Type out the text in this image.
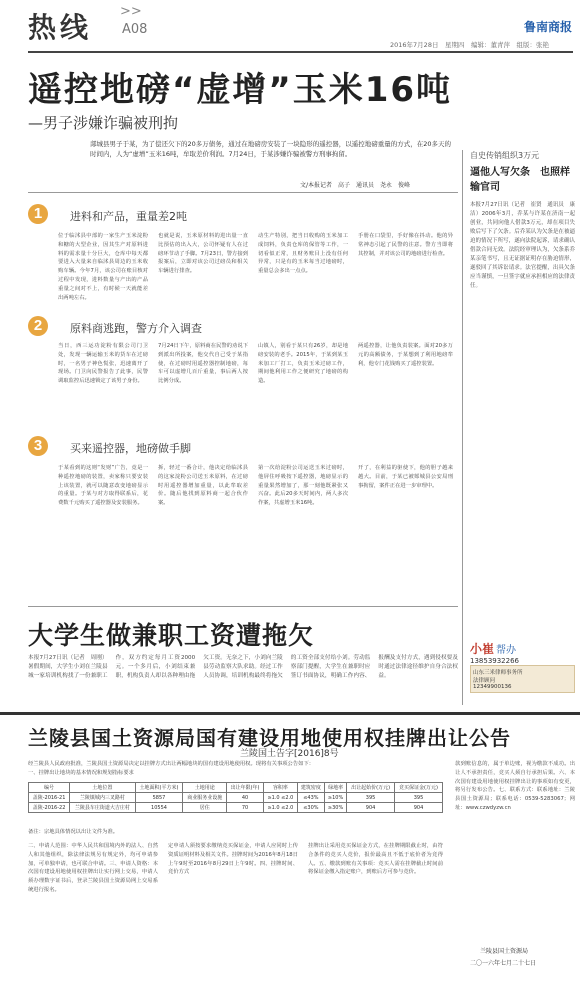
热线 >>
A08	鲁南商报
2016年7月28日　 星期四　 编辑：董青萍　 组版：张艳
遥控地磅“虚增”玉米16吨
—男子涉嫌诈骗被刑拘
郯城县男子于某，为了偿还欠下的20多万债务，通过在地磅房安装了一块隐形的遥控器，以遥控地磅重量的方式，在20多天的时间内，人为“虚增”玉米16吨，牟取差价利润。7月24日，于某涉嫌诈骗被警方刑事拘留。
文/本报记者　高子　通讯员　尧永　俊峰
1	进料和产品，重量差2吨
位于临沭县中部的一家生产玉米淀粉和糖的大型企业，因其生产对原料进料的需求量十分巨大，仓库中每天都要进入大量来自临沭县周边的玉米收购车辆。今年7月，该公司在账目核对过程中发现，进料数量与产出的产品重量之间对不上，有时候一天就能差出两吨左右。
也就是说，玉米原材料的进出量一直比预估的出入大，公司怀疑有人在过磅环节动了手脚。7月23日，警方接到报案后，立即对该公司过磅员和相关车辆进行排查。
动生产特别，把当日收购的玉米加工成饲料，负责仓库的保管等工作，一切看似正常，且财务账目上没有任何异常，只是有的玉米每当过地磅时，重量总会多出一点点。
手册在口袋里，手好像在抖动。他的异常神态引起了民警的注意。警方当即将其控制，并对该公司的地磅进行检查。
2	原料商逃跑，警方介入调查
当日，西三运功淀粉有限公司门卫处，发现一辆运输玉米的货车在过磅时，一名男子神色慌张，迅速离开了现场。门卫向民警报告了此事，民警调取监控后迅速锁定了该男子身份。
7月24日下午，原料商在民警的劝说下到派出所投案，他交代自己受于某指使，在过磅时用遥控器控制地磅，每车可以虚增几百斤重量，事后两人按比例分成。
山镇人，别看于某只有26岁，却是地磅安装的老手。2015年，于某到某玉米加工厂打工，负责玉米过磅工作，期间他利用工作之便研究了地磅的构造。
两遥控器，让他负责装案。面对20多万元的高额债务，于某想到了利用地磅牟利，他专门花钱购买了遥控装置。
3	买来遥控器，地磅做手脚
于某看到的这则“发财”广告，竟是一种遥控地磅的装置，卖家称只要安装上该装置，就可以随意改变地磅显示的重量。于某与对方取得联系后，花费数千元购买了遥控器及安装服务。
拆，轻过一番合计，他决定给临沭县的这家淀粉公司送玉米原料，在过磅时用遥控器增加重量，以此牟取差价。随后他找到原料商一起合伙作案。
第一次给淀粉公司运送玉米过磅时，他屏住呼吸按下遥控器，地磅显示的重量果然增加了，那一刻他既紧张又兴奋。此后20多天时间内，两人多次作案，共虚增玉米16吨。
开了，在利益的驱使下，他的胆子越来越大。目前，于某已被郯城县公安局刑事拘留，案件正在进一步审理中。
自史传销组织3万元
逼他人写欠条　也照样输官司
本报7月27日讯（记者　崔贤　通讯员　康洁）2006年3月，乔某与许某在济南一起创业，共同向他人借款3万元，却在项目失败后写下了欠条。后乔某认为欠条是在被逼迫的情况下所写，遂向法院起诉，请求确认借款合同无效。法院经审理认为，欠条系乔某亲笔书写，且无证据证明存在胁迫情形，遂驳回了其诉讼请求。法官提醒，出具欠条应当谨慎，一旦签字就应承担相应的法律责任。
大学生做兼职工资遭拖欠
本报7月27日讯（记者　周刚）暑假期间，大学生小刘在兰陵县城一家培训机构找了一份兼职工作，双方约定每月工资2000元。一个多月后，小刘结束兼职，机构负责人却以各种理由拖欠工资。无奈之下，小刘向兰陵县劳动监察大队求助。经过工作人员协调，培训机构最终将拖欠的工资全部支付给小刘。劳动监察部门提醒，大学生在兼职时应签订书面协议，明确工作内容、报酬及支付方式，遇到侵权要及时通过法律途径维护自身合法权益。
小崔 帮办
13853932266
山东三米律师事务所
法律顾问
12349900136
兰陵县国土资源局国有建设用地使用权挂牌出让公告
兰陵国土告字[2016]8号
经兰陵县人民政府批准，兰陵县国土资源局决定以挂牌方式出让两幅地块的国有建设用地使用权。现将有关事项公告如下：
一、挂牌出让地块的基本情况和规划指标要求
编号	土地位置	土地面积(平方米)	土地用途	出让年限(年)	容积率	建筑密度	绿地率	出让起始价(万元)	竞买保证金(万元)
盖陵-2016-21	兰陵镇城内三叉路村	5857	商业服务业设施	40	≥1.0 ≤2.0	≤43%	≥10%	395	395
盖陵-2016-22	兰陵县车庄街道大吉庄村	10554	居住	70	≥1.0 ≤2.0	≤30%	≥30%	904	904
备注：宗地具体情况以出让文件为准。
二、申请人范围：中华人民共和国境内外的法人、自然人和其他组织，除法律法规另有规定外，均可申请参加，可单独申请，也可联合申请。三、申请人资格：本次国有建设用地使用权挂牌出让实行网上交易，申请人须办理数字证书后，登录兰陵县国土资源局网上交易系统进行报名。
定申请人须按要求缴纳竞买保证金，申请人应同时上传资质证明材料及相关文件。挂牌时间为2016年8月18日上午9时至2016年8月29日上午9时。四、挂牌时间、竞价方式
挂牌出让采用竞买保证金方式，在挂牌期限截止时，由符合条件的竞买人竞价，报价最高且不低于底价者为竞得人。五、缴款到账有关事项：竞买人需在挂牌截止时间前将保证金缴入指定账户，到账后方可参与竞价。
款到账信息的，属于单边账，视为缴款不成功。出让人不承担责任，竞买人须自行承担后果。六、本次国有建设用地使用权挂牌出让的事项如有变更，将另行发布公告。七、联系方式：联系地址：兰陵县国土资源局；联系电话：0539-5283067；网址：www.czwdyzw.cn
兰陵县国土资源局
二〇一六年七月二十七日
